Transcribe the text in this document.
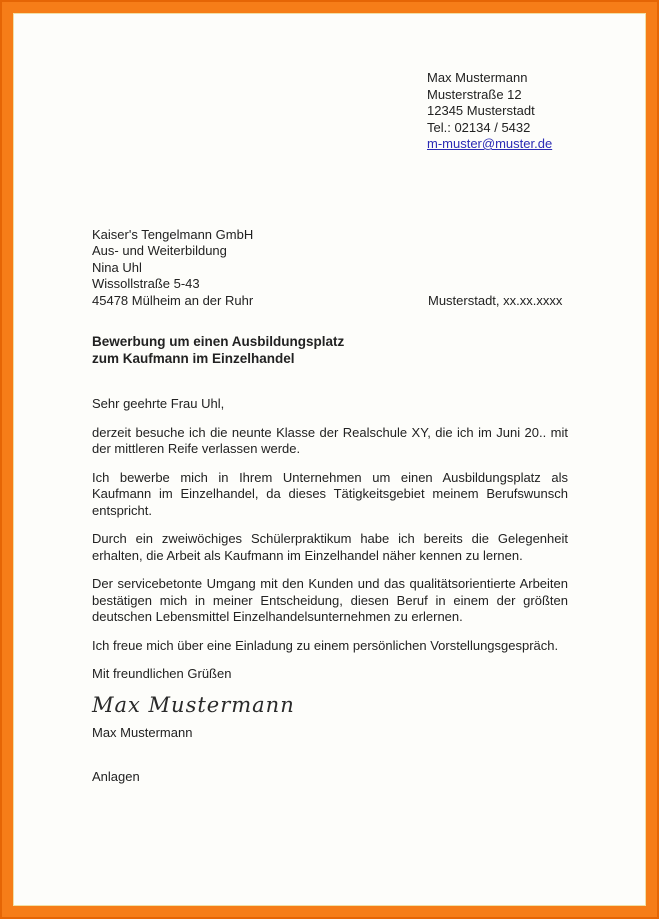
Max Mustermann
Musterstraße 12
12345 Musterstadt
Tel.: 02134 / 5432
m-muster@muster.de
Kaiser's Tengelmann GmbH
Aus- und Weiterbildung
Nina Uhl
Wissollstraße 5-43
45478 Mülheim an der Ruhr	Musterstadt, xx.xx.xxxx
Bewerbung um einen Ausbildungsplatz
zum Kaufmann im Einzelhandel
Sehr geehrte Frau Uhl,

derzeit besuche ich die neunte Klasse der Realschule XY, die ich im Juni 20.. mit der mittleren Reife verlassen werde.

Ich bewerbe mich in Ihrem Unternehmen um einen Ausbildungsplatz als Kaufmann im Einzelhandel, da dieses Tätigkeitsgebiet meinem Berufswunsch entspricht.

Durch ein zweiwöchiges Schülerpraktikum habe ich bereits die Gelegenheit erhalten, die Arbeit als Kaufmann im Einzelhandel näher kennen zu lernen.

Der servicebetonte Umgang mit den Kunden und das qualitätsorientierte Arbeiten bestätigen mich in meiner Entscheidung, diesen Beruf in einem der größten deutschen Lebensmittel Einzelhandelsunternehmen zu erlernen.

Ich freue mich über eine Einladung zu einem persönlichen Vorstellungsgespräch.

Mit freundlichen Grüßen
Max Mustermann
Max Mustermann
Anlagen
